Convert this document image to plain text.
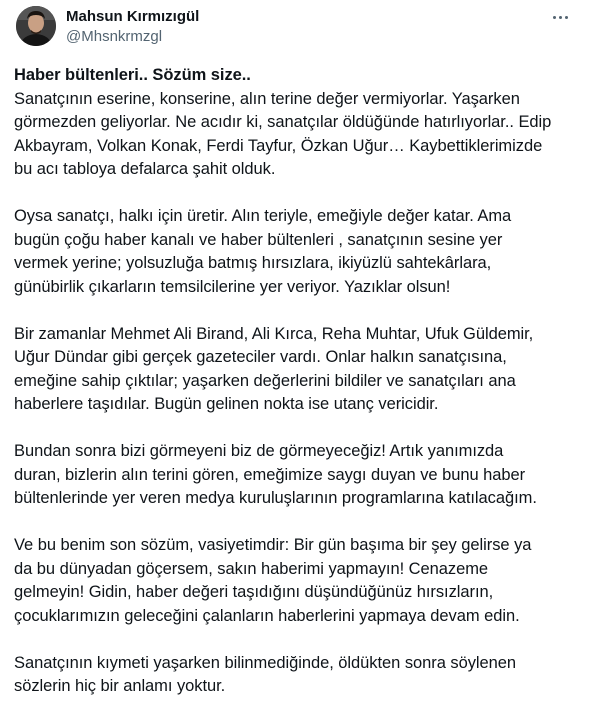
Mahsun Kırmızıgül
@Mhsnkrmzgl

Haber bültenleri.. Sözüm size..

Sanatçının eserine, konserine, alın terine değer vermiyorlar. Yaşarken
görmezden geliyorlar. Ne acıdır ki, sanatçılar öldüğünde hatırlıyorlar.. Edip
Akbayram, Volkan Konak, Ferdi Tayfur, Özkan Uğur… Kaybettiklerimizde
bu acı tabloya defalarca şahit olduk.

Oysa sanatçı, halkı için üretir. Alın teriyle, emeğiyle değer katar. Ama
bugün çoğu haber kanalı ve haber bültenleri , sanatçının sesine yer
vermek yerine; yolsuzluğa batmış hırsızlara, ikiyüzlü sahtekârlara,
günübirlik çıkarların temsilcilerine yer veriyor. Yazıklar olsun!

Bir zamanlar Mehmet Ali Birand, Ali Kırca, Reha Muhtar, Ufuk Güldemir,
Uğur Dündar gibi gerçek gazeteciler vardı. Onlar halkın sanatçısına,
emeğine sahip çıktılar; yaşarken değerlerini bildiler ve sanatçıları ana
haberlere taşıdılar. Bugün gelinen nokta ise utanç vericidir.

Bundan sonra bizi görmeyeni biz de görmeyeceğiz! Artık yanımızda
duran, bizlerin alın terini gören, emeğimize saygı duyan ve bunu haber
bültenlerinde yer veren medya kuruluşlarının programlarına katılacağım.

Ve bu benim son sözüm, vasiyetimdir: Bir gün başıma bir şey gelirse ya
da bu dünyadan göçersem, sakın haberimi yapmayın! Cenazeme
gelmeyin! Gidin, haber değeri taşıdığını düşündüğünüz hırsızların,
çocuklarımızın geleceğini çalanların haberlerini yapmaya devam edin.

Sanatçının kıymeti yaşarken bilinmediğinde, öldükten sonra söylenen
sözlerin hiç bir anlamı yoktur.
